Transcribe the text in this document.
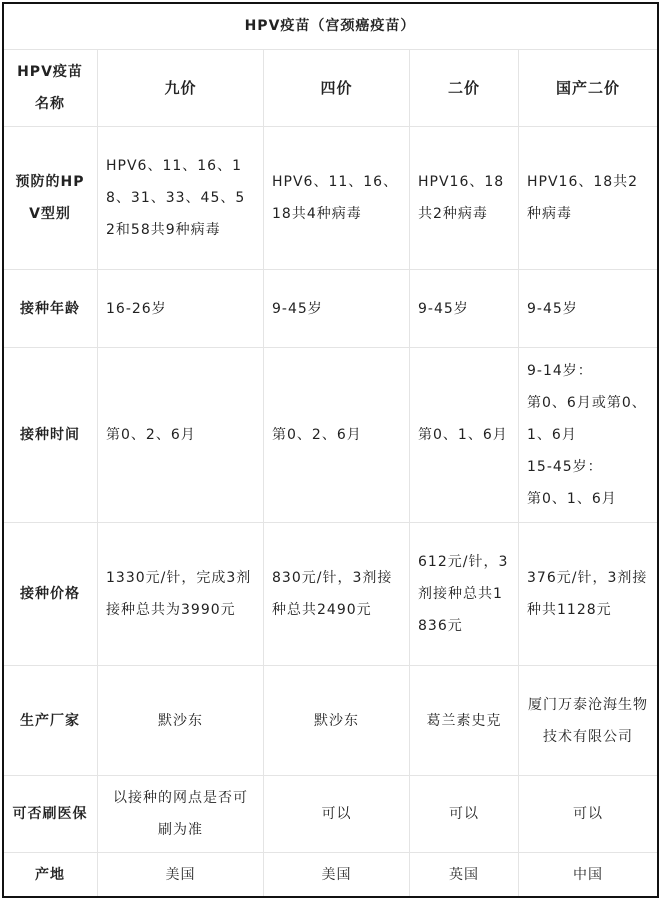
HPV疫苗（宫颈癌疫苗）				
HPV疫苗名称	九价	四价	二价	国产二价
预防的HPV型别	HPV6、11、16、18、31、33、45、52和58共9种病毒	HPV6、11、16、18共4种病毒	HPV16、18共2种病毒	HPV16、18共2种病毒
接种年龄	16-26岁	9-45岁	9-45岁	9-45岁
接种时间	第0、2、6月	第0、2、6月	第0、1、6月	9-14岁：
第0、6月或第0、1、6月
15-45岁：
第0、1、6月

接种价格	1330元/针，完成3剂接种总共为3990元	830元/针，3剂接种总共2490元	612元/针，3剂接种总共1836元	376元/针，3剂接种共1128元
生产厂家	默沙东	默沙东	葛兰素史克	厦门万泰沧海生物技术有限公司
可否刷医保	以接种的网点是否可刷为准	可以	可以	可以
产地	美国	美国	英国	中国
